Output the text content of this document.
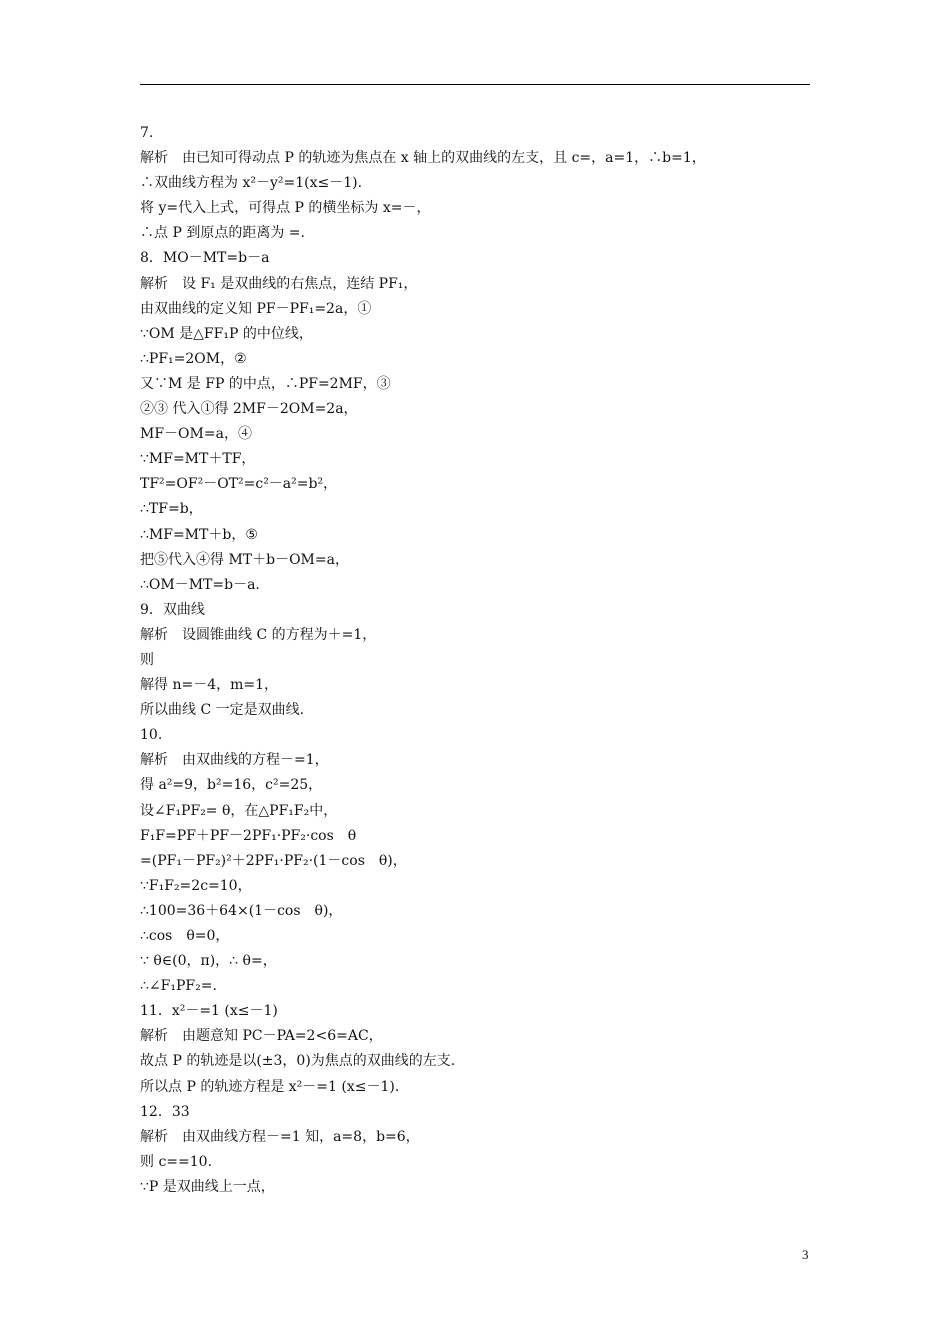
7.
解析　由已知可得动点 P 的轨迹为焦点在 x 轴上的双曲线的左支，且 c=，a=1，∴b=1，
∴双曲线方程为 x²－y²=1(x≤－1).
将 y=代入上式，可得点 P 的横坐标为 x=－，
∴点 P 到原点的距离为 =.
8．MO－MT=b－a
解析　设 F₁ 是双曲线的右焦点，连结 PF₁，
由双曲线的定义知 PF－PF₁=2a，①
∵OM 是△FF₁P 的中位线，
∴PF₁=2OM，②
又∵M 是 FP 的中点，∴PF=2MF，③
②③ 代入①得 2MF－2OM=2a，
MF－OM=a，④
∵MF=MT＋TF，
TF²=OF²－OT²=c²－a²=b²，
∴TF=b，
∴MF=MT＋b，⑤
把⑤代入④得 MT＋b－OM=a，
∴OM－MT=b－a.
9．双曲线
解析　设圆锥曲线 C 的方程为＋=1，
则
解得 n=－4，m=1，
所以曲线 C 一定是双曲线.
10.
解析　由双曲线的方程－=1，
得 a²=9，b²=16，c²=25，
设∠F₁PF₂= θ，在△PF₁F₂中，
F₁F=PF＋PF－2PF₁·PF₂·cos　θ
=(PF₁－PF₂)²＋2PF₁·PF₂·(1－cos　θ)，
∵F₁F₂=2c=10，
∴100=36＋64×(1－cos　θ)，
∴cos　θ=0，
∵ θ∈(0，π)，∴ θ=，
∴∠F₁PF₂=.
11．x²－=1 (x≤－1)
解析　由题意知 PC－PA=2<6=AC，
故点 P 的轨迹是以(±3，0)为焦点的双曲线的左支.
所以点 P 的轨迹方程是 x²－=1 (x≤－1).
12．33
解析　由双曲线方程－=1 知，a=8，b=6，
则 c==10.
∵P 是双曲线上一点，
3
